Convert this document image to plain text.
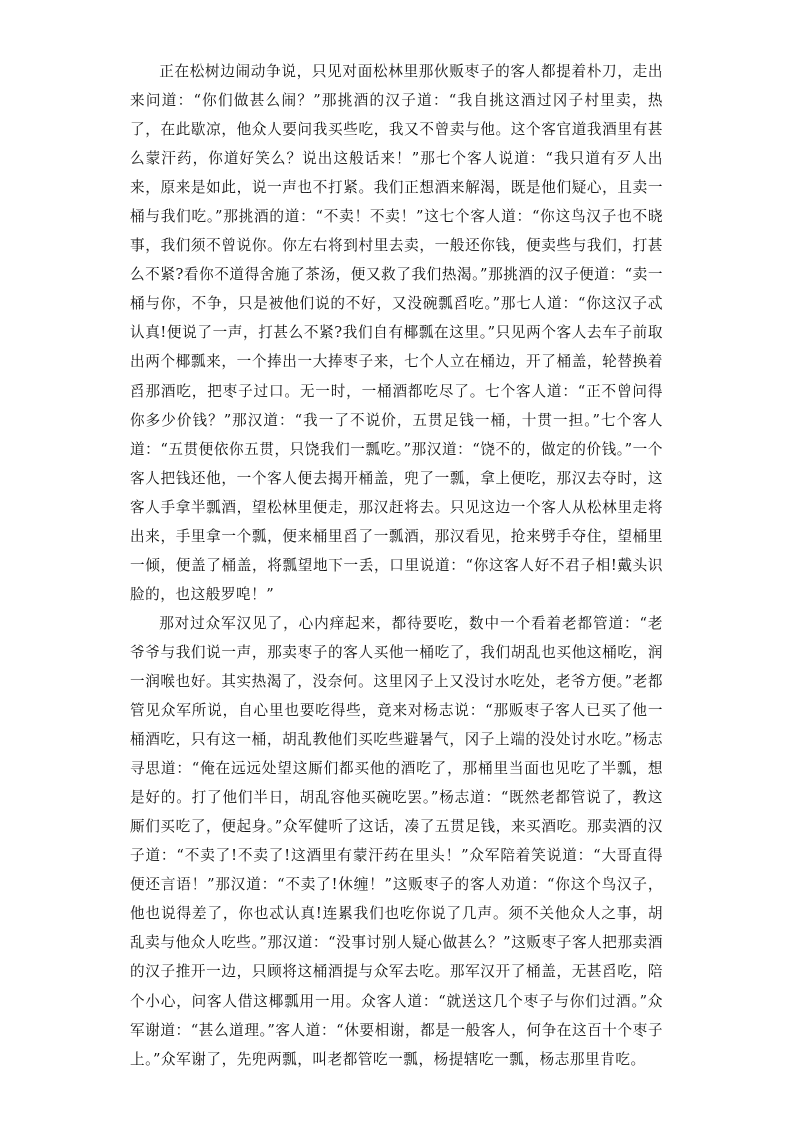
正在松树边闹动争说，只见对面松林里那伙贩枣子的客人都提着朴刀，走出来问道：“你们做甚么闹？”那挑酒的汉子道：“我自挑这酒过冈子村里卖，热了，在此歇凉，他众人要问我买些吃，我又不曾卖与他。这个客官道我酒里有甚么蒙汗药，你道好笑么？说出这般话来！”那七个客人说道：“我只道有歹人出来，原来是如此，说一声也不打紧。我们正想酒来解渴，既是他们疑心，且卖一桶与我们吃。”那挑酒的道：“不卖！不卖！”这七个客人道：“你这鸟汉子也不晓事，我们须不曾说你。你左右将到村里去卖，一般还你钱，便卖些与我们，打甚么不紧?看你不道得舍施了茶汤，便又救了我们热渴。”那挑酒的汉子便道：“卖一桶与你，不争，只是被他们说的不好，又没碗瓢舀吃。”那七人道：“你这汉子忒认真!便说了一声，打甚么不紧?我们自有椰瓢在这里。”只见两个客人去车子前取出两个椰瓢来，一个捧出一大捧枣子来，七个人立在桶边，开了桶盖，轮替换着舀那酒吃，把枣子过口。无一时，一桶酒都吃尽了。七个客人道：“正不曾问得你多少价钱？”那汉道：“我一了不说价，五贯足钱一桶，十贯一担。”七个客人道：“五贯便依你五贯，只饶我们一瓢吃。”那汉道：“饶不的，做定的价钱。”一个客人把钱还他，一个客人便去揭开桶盖，兜了一瓢，拿上便吃，那汉去夺时，这客人手拿半瓢酒，望松林里便走，那汉赶将去。只见这边一个客人从松林里走将出来，手里拿一个瓢，便来桶里舀了一瓢酒，那汉看见，抢来劈手夺住，望桶里一倾，便盖了桶盖，将瓢望地下一丢，口里说道：“你这客人好不君子相!戴头识脸的，也这般罗唣！”

那对过众军汉见了，心内痒起来，都待要吃，数中一个看着老都管道：“老爷爷与我们说一声，那卖枣子的客人买他一桶吃了，我们胡乱也买他这桶吃，润一润喉也好。其实热渴了，没奈何。这里冈子上又没讨水吃处，老爷方便。”老都管见众军所说，自心里也要吃得些，竟来对杨志说：“那贩枣子客人已买了他一桶酒吃，只有这一桶，胡乱教他们买吃些避暑气，冈子上端的没处讨水吃。”杨志寻思道：“俺在远远处望这厮们都买他的酒吃了，那桶里当面也见吃了半瓢，想是好的。打了他们半日，胡乱容他买碗吃罢。”杨志道：“既然老都管说了，教这厮们买吃了，便起身。”众军健听了这话，凑了五贯足钱，来买酒吃。那卖酒的汉子道：“不卖了!不卖了!这酒里有蒙汗药在里头！”众军陪着笑说道：“大哥直得便还言语！”那汉道：“不卖了!休缠！”这贩枣子的客人劝道：“你这个鸟汉子，他也说得差了，你也忒认真!连累我们也吃你说了几声。须不关他众人之事，胡乱卖与他众人吃些。”那汉道：“没事讨别人疑心做甚么？”这贩枣子客人把那卖酒的汉子推开一边，只顾将这桶酒提与众军去吃。那军汉开了桶盖，无甚舀吃，陪个小心，问客人借这椰瓢用一用。众客人道：“就送这几个枣子与你们过酒。”众军谢道：“甚么道理。”客人道：“休要相谢，都是一般客人，何争在这百十个枣子上。”众军谢了，先兜两瓢，叫老都管吃一瓢，杨提辖吃一瓢，杨志那里肯吃。
